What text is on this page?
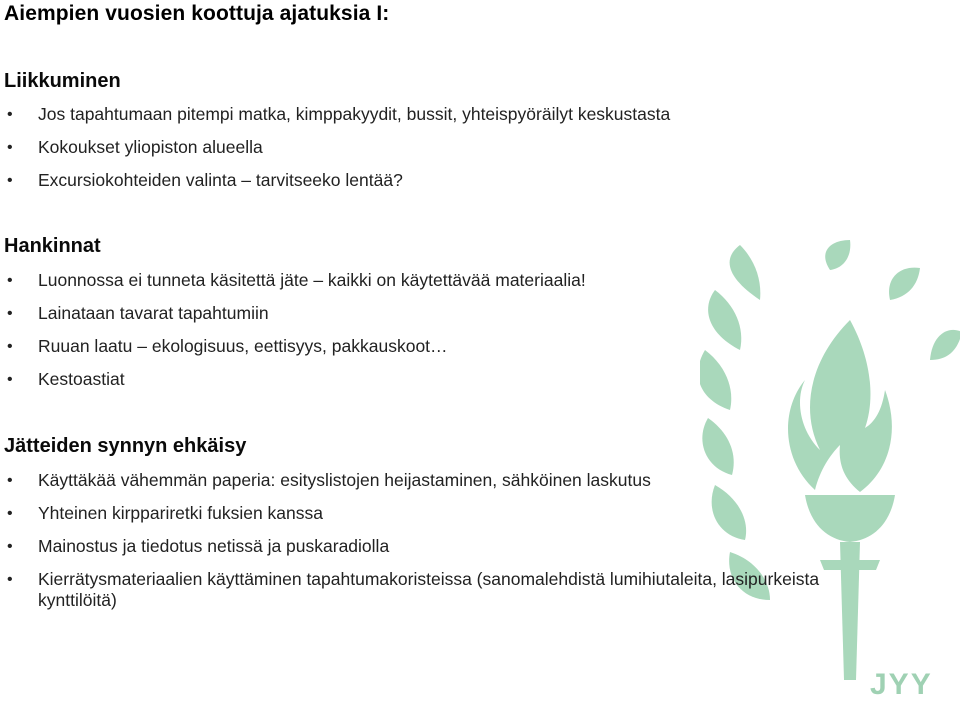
Aiempien vuosien koottuja ajatuksia I:
Liikkuminen
• Jos tapahtumaan pitempi matka, kimppakyydit, bussit, yhteispyöräilyt keskustasta
• Kokoukset yliopiston alueella
• Excursiokohteiden valinta – tarvitseeko lentää?
Hankinnat
• Luonnossa ei tunneta käsitettä jäte – kaikki on käytettävää materiaalia!
• Lainataan tavarat tapahtumiin
• Ruuan laatu – ekologisuus, eettisyys, pakkauskoot…
• Kestoastiat
Jätteiden synnyn ehkäisy
• Käyttäkää vähemmän paperia: esityslistojen heijastaminen, sähköinen laskutus
• Yhteinen kirppariretki fuksien kanssa
• Mainostus ja tiedotus netissä ja puskaradiolla
• Kierrätysmateriaalien käyttäminen tapahtumakoristeissa (sanomalehdistä lumihiutaleita, lasipurkeista kynttilöitä)
JYY
